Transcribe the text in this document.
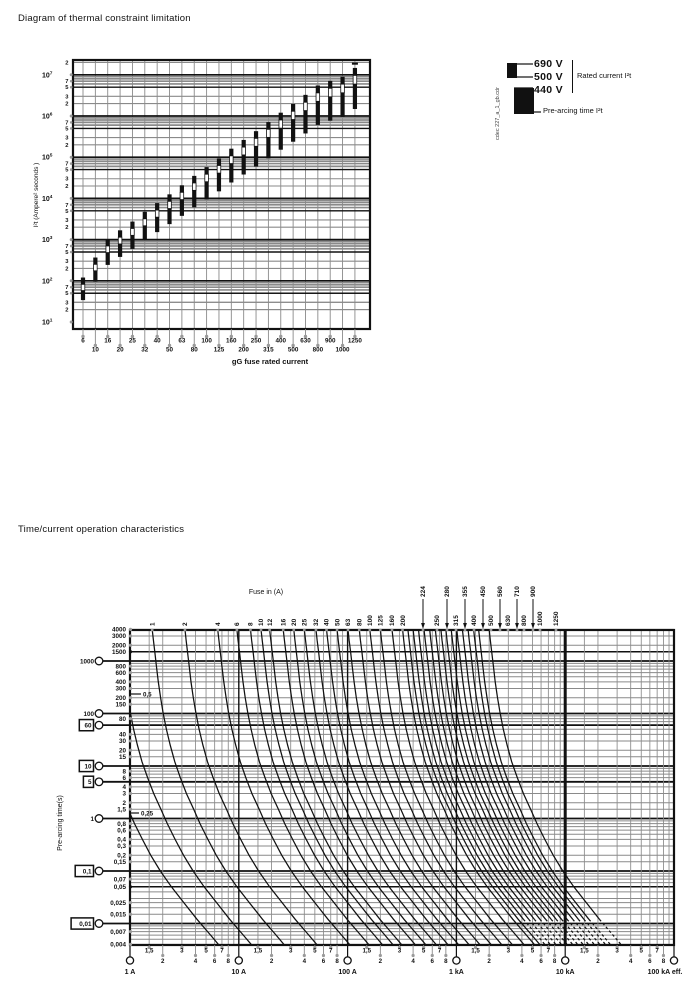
Diagram of thermal constraint limitation
Time/current operation characteristics
cdec 227_a_1_gb.cdr
690 V
500 V
440 V
Rated current I²t
Pre-arcing time I²t
6
10
16
20
25
32
40
50
63
80
100
125
160
200
250
315
400
500
630
800
900
1000
1250
gG fuse rated current
$10^1$
7
5
3
2
$10^2$
7
5
3
2
$10^3$
7
5
3
2
$10^4$
7
5
3
2
$10^5$
7
5
3
2
$10^6$
7
5
3
2
$10^7$
2
I²t (Ampere² seconds )
1	2	4 6 8 10 12 16 20 25 32 40 50 63 80 100 125 160 200
224
250
280
315
355
400
450
500
560
630
710
800
900
1000 1250
Fuse in (A)
1 A	10 A	100 A	1 kA	10 kA	100 kA eff.
1,5
2
3
4
5
6
7
8
1,5
2
3
4
5
6
7
8
1,5
2
3
4
5
6
7
8
1,5
2
3
4
5
6
7
8
1,5
2
3
4
5
6
7
8
4000
3000
2000
1500
1000
800
600
400
300
200
150
100
80
60
40
30
20
15
10
8
6
5
4
3
2
1,5
1
0,8
0,6
0,4
0,3
0,2
0,15
0,1
0,07
0,05
0,025
0,015
0,01
0,007
0,004
Pre-arcing time(s)
0,5
0,25
